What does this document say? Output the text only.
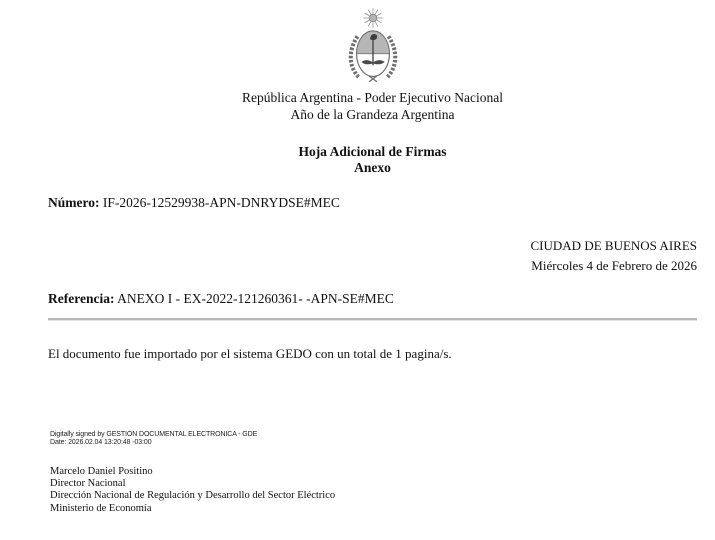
República Argentina - Poder Ejecutivo Nacional
Año de la Grandeza Argentina
Hoja Adicional de Firmas
Anexo
Número: IF-2026-12529938-APN-DNRYDSE#MEC
CIUDAD DE BUENOS AIRES
Miércoles 4 de Febrero de 2026
Referencia: ANEXO I - EX-2022-121260361- -APN-SE#MEC
El documento fue importado por el sistema GEDO con un total de 1 pagina/s.
Digitally signed by GESTION DOCUMENTAL ELECTRONICA - GDE
Date: 2026.02.04 13:20:48 -03:00
Marcelo Daniel Positino
Director Nacional
Dirección Nacional de Regulación y Desarrollo del Sector Eléctrico
Ministerio de Economía
